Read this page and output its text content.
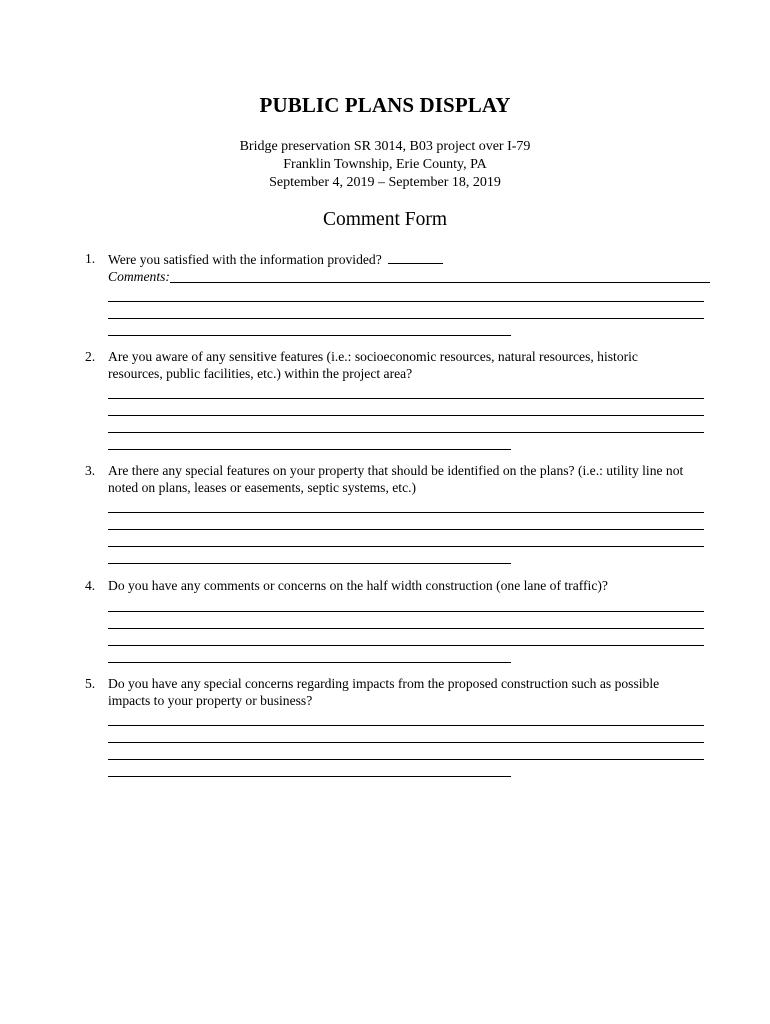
PUBLIC PLANS DISPLAY
Bridge preservation SR 3014, B03 project over I-79
Franklin Township, Erie County, PA
September 4, 2019 – September 18, 2019
Comment Form
1. Were you satisfied with the information provided?
Comments:
2. Are you aware of any sensitive features (i.e.: socioeconomic resources, natural resources, historic
resources, public facilities, etc.) within the project area?
3. Are there any special features on your property that should be identified on the plans? (i.e.: utility line not
noted on plans, leases or easements, septic systems, etc.)
4. Do you have any comments or concerns on the half width construction (one lane of traffic)?
5. Do you have any special concerns regarding impacts from the proposed construction such as possible
impacts to your property or business?
